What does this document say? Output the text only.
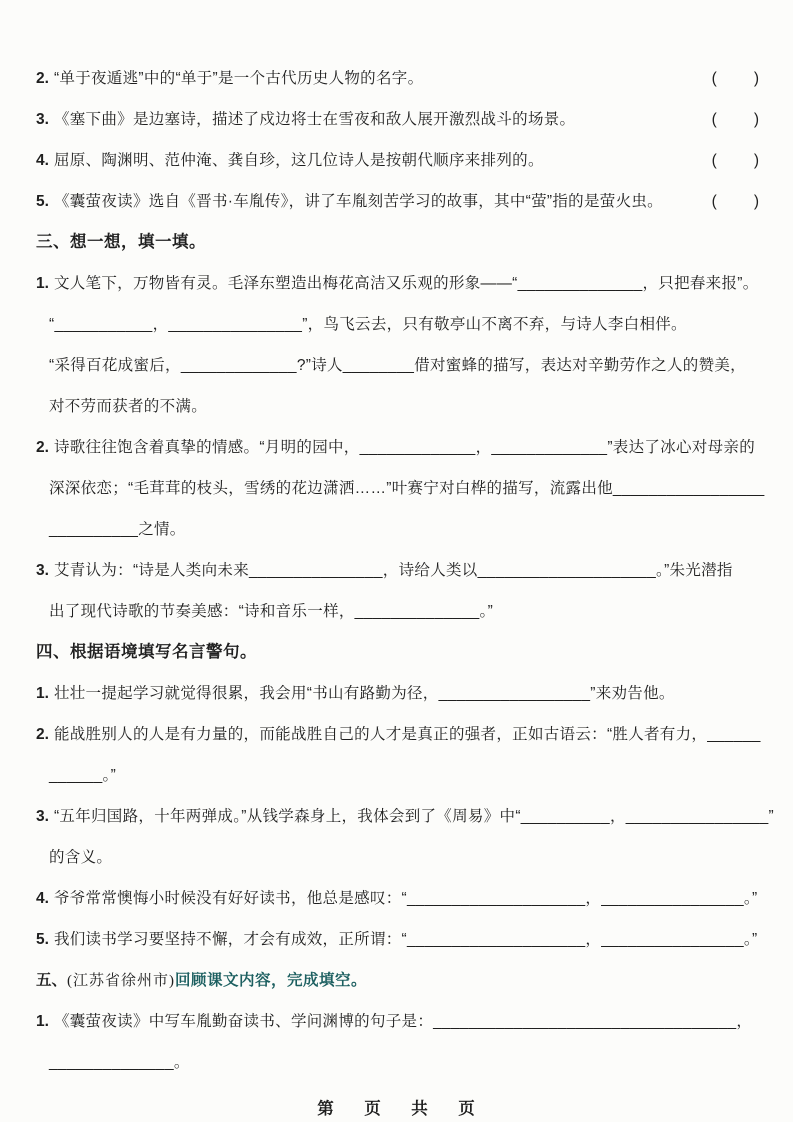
2. “单于夜遁逃”中的“单于”是一个古代历史人物的名字。	(　　)
3. 《塞下曲》是边塞诗，描述了戍边将士在雪夜和敌人展开激烈战斗的场景。	(　　)
4. 屈原、陶渊明、范仲淹、龚自珍，这几位诗人是按朝代顺序来排列的。	(　　)
5. 《囊萤夜读》选自《晋书·车胤传》，讲了车胤刻苦学习的故事，其中“萤”指的是萤火虫。	(　　)
三、想一想，填一填。
1. 文人笔下，万物皆有灵。毛泽东塑造出梅花高洁又乐观的形象——“______________，只把春来报”。
“___________，_______________”，鸟飞云去，只有敬亭山不离不弃，与诗人李白相伴。
“采得百花成蜜后，_____________?”诗人________借对蜜蜂的描写，表达对辛勤劳作之人的赞美，
对不劳而获者的不满。
2. 诗歌往往饱含着真挚的情感。“月明的园中，_____________，_____________”表达了冰心对母亲的
深深依恋；“毛茸茸的枝头，雪绣的花边潇洒……”叶赛宁对白桦的描写，流露出他_________________
__________之情。
3. 艾青认为：“诗是人类向未来_______________，诗给人类以____________________。”朱光潜指
出了现代诗歌的节奏美感：“诗和音乐一样，______________。”
四、根据语境填写名言警句。
1. 壮壮一提起学习就觉得很累，我会用“书山有路勤为径，_________________”来劝告他。
2. 能战胜别人的人是有力量的，而能战胜自己的人才是真正的强者，正如古语云：“胜人者有力，______
______。”
3. “五年归国路，十年两弹成。”从钱学森身上，我体会到了《周易》中“__________，________________”
的含义。
4. 爷爷常常懊悔小时候没有好好读书，他总是感叹：“____________________，________________。”
5. 我们读书学习要坚持不懈，才会有成效，正所谓：“____________________，________________。”
五、 (江苏省徐州市) 回顾课文内容，完成填空。
1. 《囊萤夜读》中写车胤勤奋读书、学问渊博的句子是：__________________________________，
______________。
第　页　共　页
